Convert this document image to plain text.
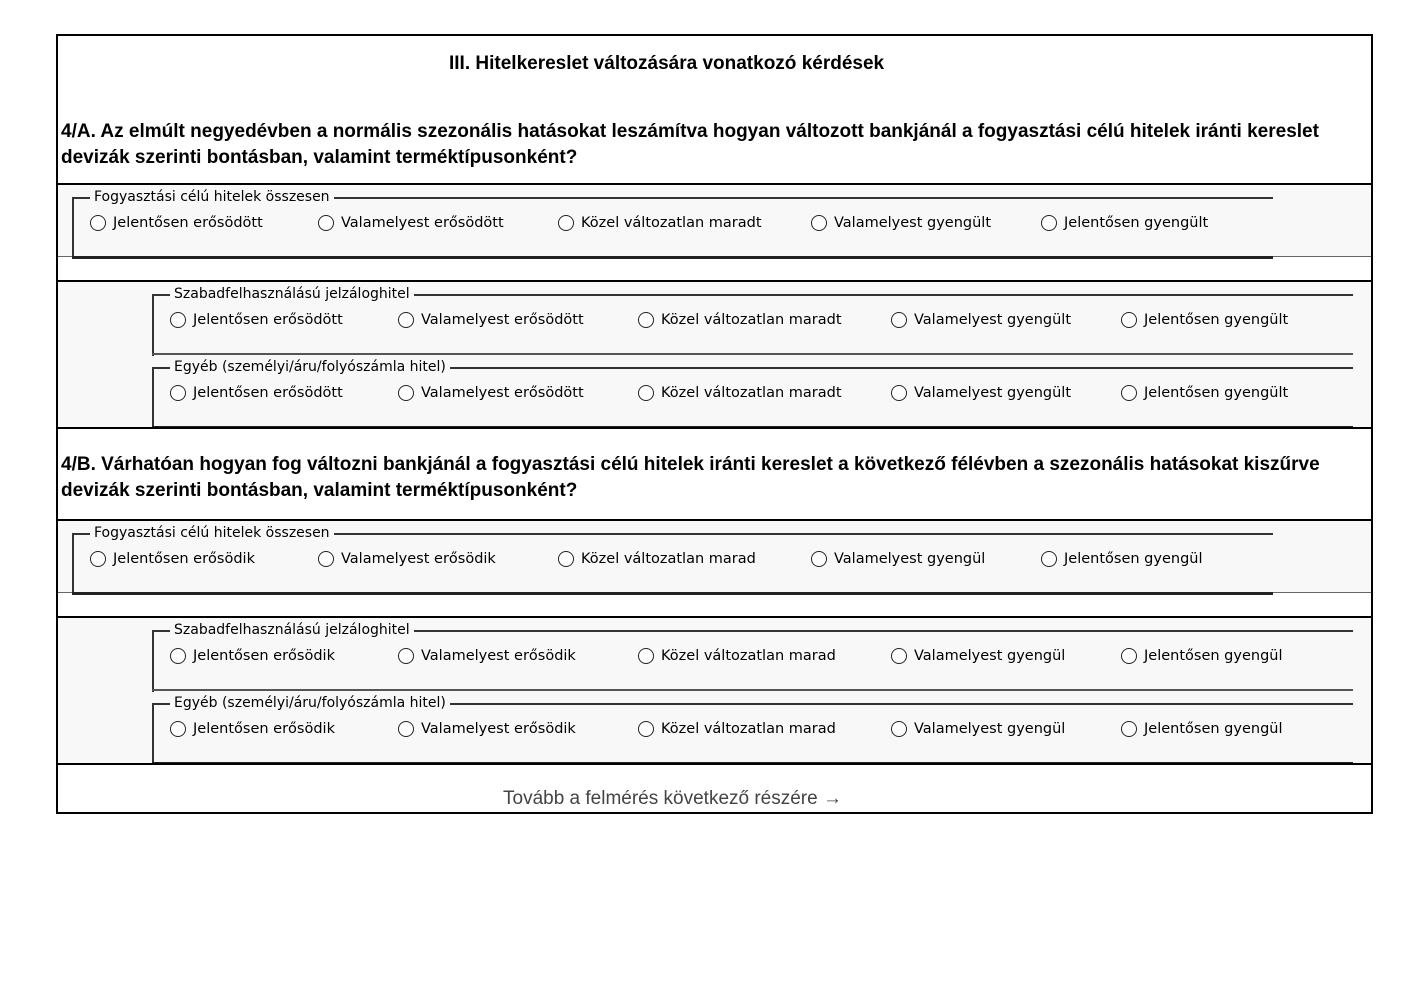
III. Hitelkereslet változására vonatkozó kérdések
4/A. Az elmúlt negyedévben a normális szezonális hatásokat leszámítva hogyan változott bankjánál a fogyasztási célú hitelek iránti kereslet devizák szerinti bontásban, valamint terméktípusonként?
Fogyasztási célú hitelek összesen
Jelentősen erősödött	Valamelyest erősödött	Közel változatlan maradt	Valamelyest gyengült	Jelentősen gyengült
Szabadfelhasználású jelzáloghitel
Jelentősen erősödött	Valamelyest erősödött	Közel változatlan maradt	Valamelyest gyengült	Jelentősen gyengült
Egyéb (személyi/áru/folyószámla hitel)
Jelentősen erősödött	Valamelyest erősödött	Közel változatlan maradt	Valamelyest gyengült	Jelentősen gyengült
4/B. Várhatóan hogyan fog változni bankjánál a fogyasztási célú hitelek iránti kereslet a következő félévben a szezonális hatásokat kiszűrve devizák szerinti bontásban, valamint terméktípusonként?
Fogyasztási célú hitelek összesen
Jelentősen erősödik	Valamelyest erősödik	Közel változatlan marad	Valamelyest gyengül	Jelentősen gyengül
Szabadfelhasználású jelzáloghitel
Jelentősen erősödik	Valamelyest erősödik	Közel változatlan marad	Valamelyest gyengül	Jelentősen gyengül
Egyéb (személyi/áru/folyószámla hitel)
Jelentősen erősödik	Valamelyest erősödik	Közel változatlan marad	Valamelyest gyengül	Jelentősen gyengül
Tovább a felmérés következő részére →
